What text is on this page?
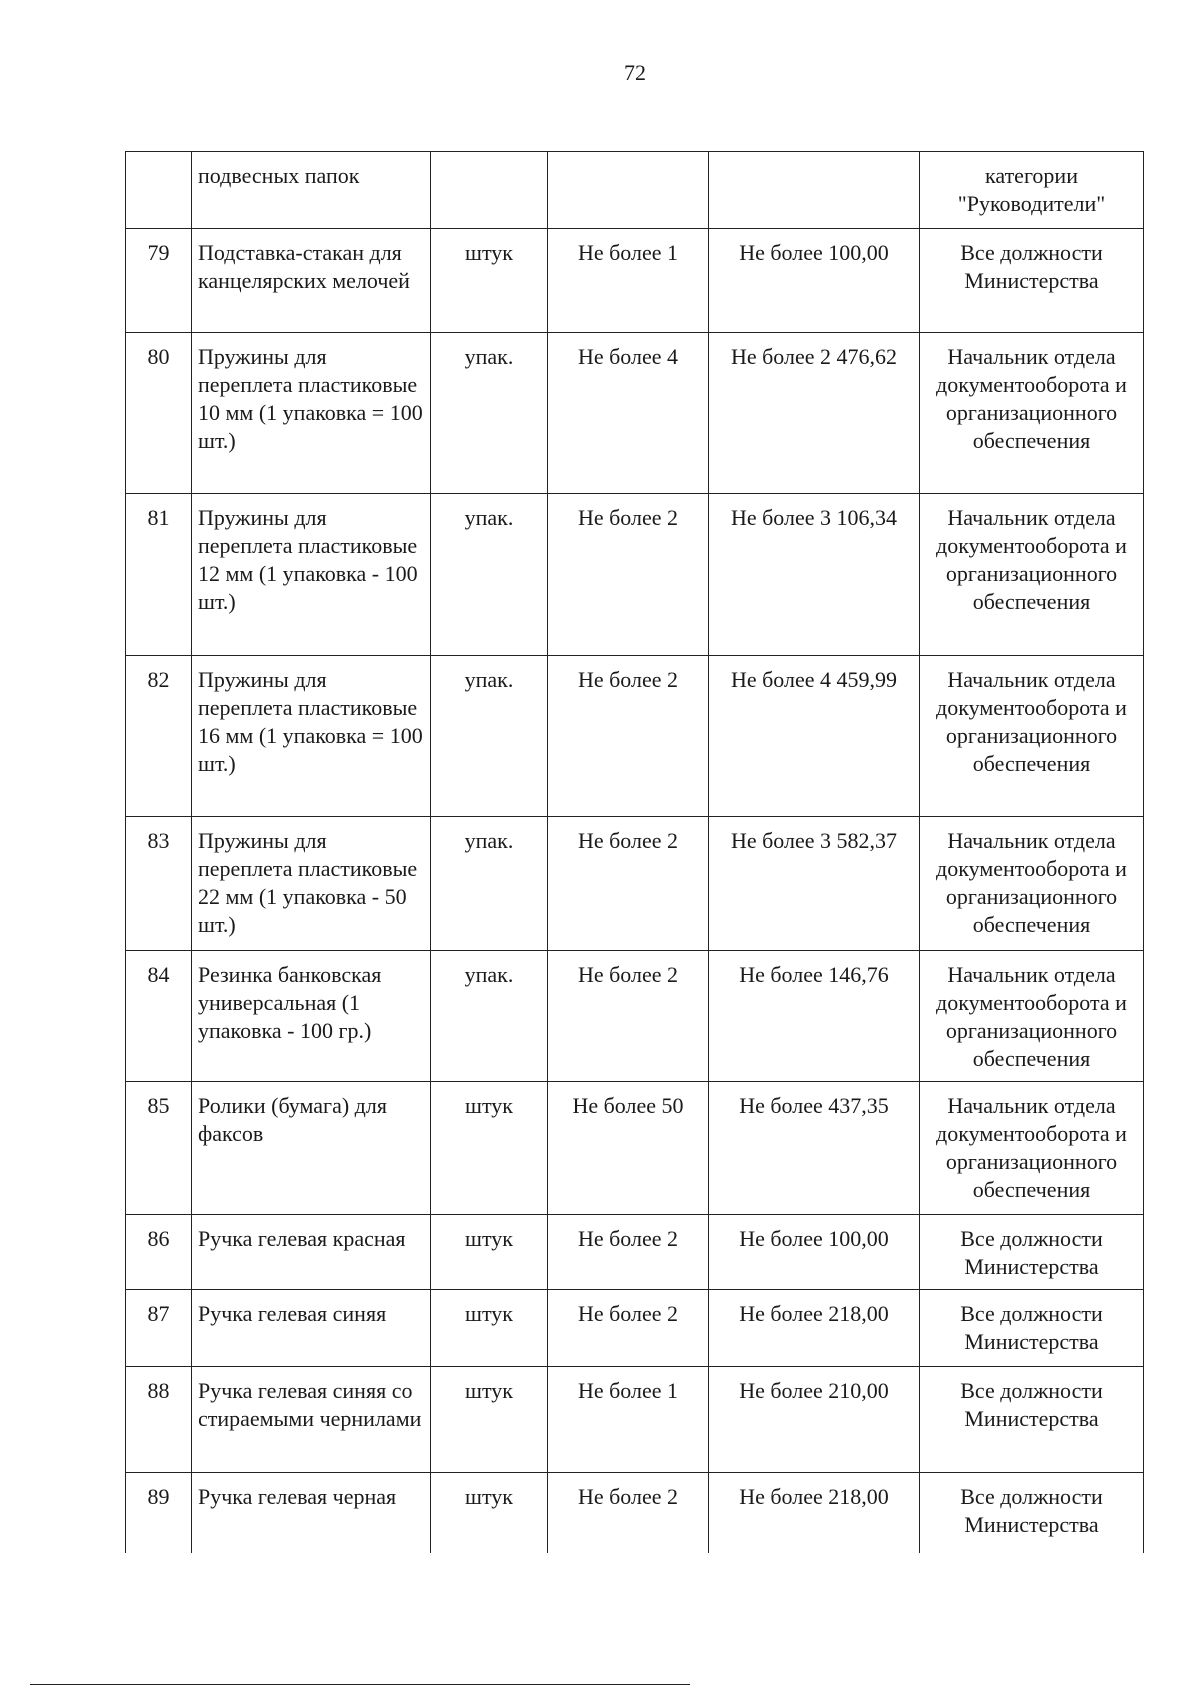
72
	подвесных папок				категории "Руководители"
79	Подставка-стакан для канцелярских мелочей	штук	Не более 1	Не более 100,00	Все должности Министерства
80	Пружины для переплета пластиковые 10 мм (1 упаковка = 100 шт.)	упак.	Не более 4	Не более 2 476,62	Начальник отдела документооборота и организационного обеспечения
81	Пружины для переплета пластиковые 12 мм (1 упаковка - 100 шт.)	упак.	Не более 2	Не более 3 106,34	Начальник отдела документооборота и организационного обеспечения
82	Пружины для переплета пластиковые 16 мм (1 упаковка = 100 шт.)	упак.	Не более 2	Не более 4 459,99	Начальник отдела документооборота и организационного обеспечения
83	Пружины для переплета пластиковые 22 мм (1 упаковка - 50 шт.)	упак.	Не более 2	Не более 3 582,37	Начальник отдела документооборота и организационного обеспечения
84	Резинка банковская универсальная (1 упаковка - 100 гр.)	упак.	Не более 2	Не более 146,76	Начальник отдела документооборота и организационного обеспечения
85	Ролики (бумага) для факсов	штук	Не более 50	Не более 437,35	Начальник отдела документооборота и организационного обеспечения
86	Ручка гелевая красная	штук	Не более 2	Не более 100,00	Все должности Министерства
87	Ручка гелевая синяя	штук	Не более 2	Не более 218,00	Все должности Министерства
88	Ручка гелевая синяя со стираемыми чернилами	штук	Не более 1	Не более 210,00	Все должности Министерства
89	Ручка гелевая черная	штук	Не более 2	Не более 218,00	Все должности Министерства
